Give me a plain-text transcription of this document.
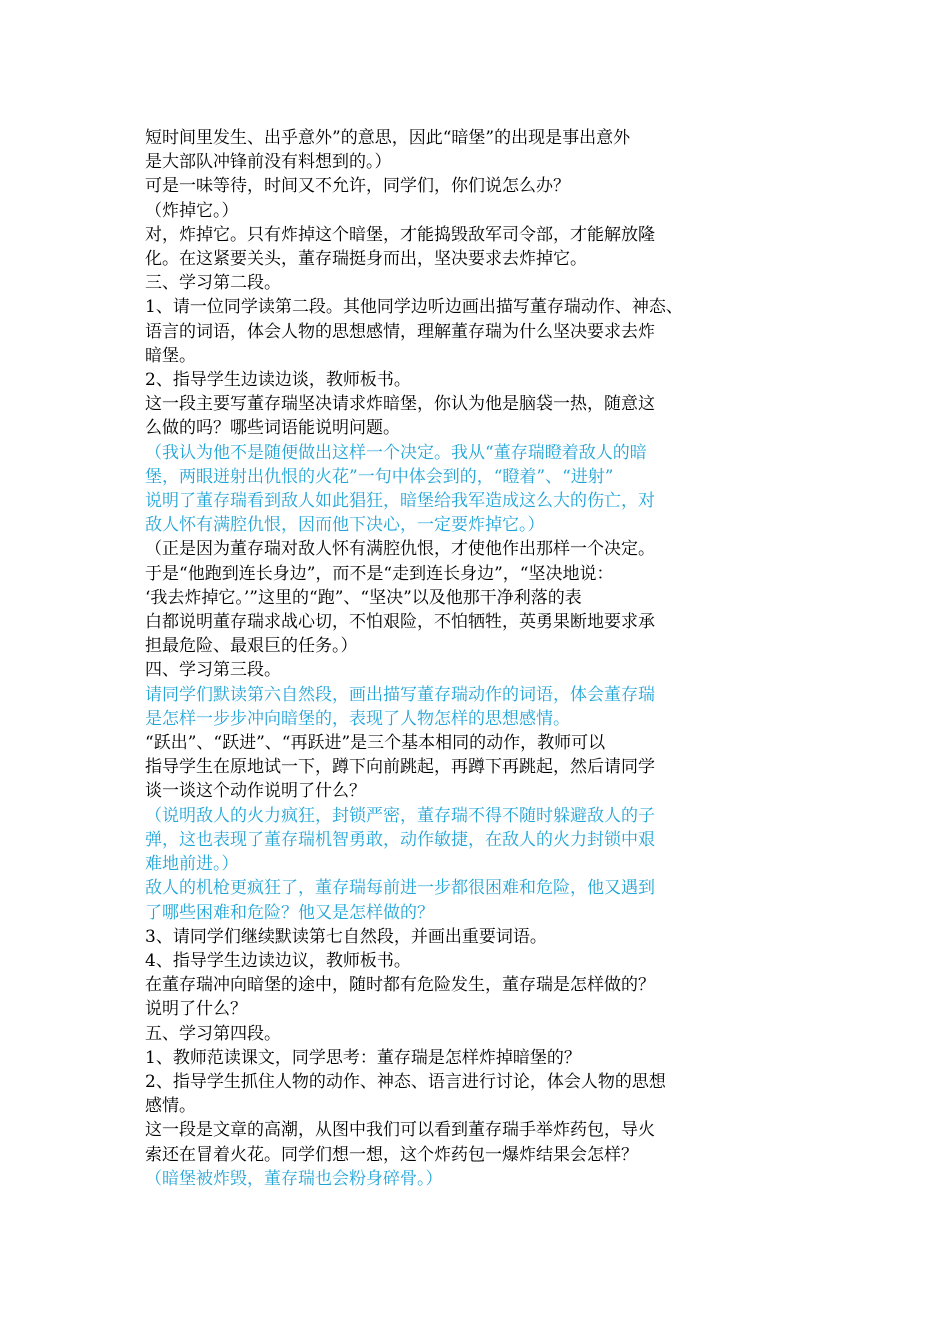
短时间里发生、出乎意外”的意思，因此“暗堡”的出现是事出意外

是大部队冲锋前没有料想到的。）

可是一味等待，时间又不允许，同学们，你们说怎么办？

（炸掉它。）

对，炸掉它。只有炸掉这个暗堡，才能捣毁敌军司令部，才能解放隆

化。在这紧要关头，董存瑞挺身而出，坚决要求去炸掉它。

三、学习第二段。

1、请一位同学读第二段。其他同学边听边画出描写董存瑞动作、神态、

语言的词语，体会人物的思想感情，理解董存瑞为什么坚决要求去炸

暗堡。

2、指导学生边读边谈，教师板书。

这一段主要写董存瑞坚决请求炸暗堡，你认为他是脑袋一热，随意这

么做的吗？哪些词语能说明问题。

（我认为他不是随便做出这样一个决定。我从“董存瑞瞪着敌人的暗

堡，两眼迸射出仇恨的火花”一句中体会到的，“瞪着”、“进射”

说明了董存瑞看到敌人如此猖狂，暗堡给我军造成这么大的伤亡，对

敌人怀有满腔仇恨，因而他下决心，一定要炸掉它。）

（正是因为董存瑞对敌人怀有满腔仇恨，才使他作出那样一个决定。

于是“他跑到连长身边”，而不是“走到连长身边”，“坚决地说：

‘我去炸掉它。’”这里的“跑”、“坚决”以及他那干净利落的表

白都说明董存瑞求战心切，不怕艰险，不怕牺牲，英勇果断地要求承

担最危险、最艰巨的任务。）

四、学习第三段。

请同学们默读第六自然段，画出描写董存瑞动作的词语，体会董存瑞

是怎样一步步冲向暗堡的，表现了人物怎样的思想感情。

“跃出”、“跃进”、“再跃进”是三个基本相同的动作，教师可以

指导学生在原地试一下，蹲下向前跳起，再蹲下再跳起，然后请同学

谈一谈这个动作说明了什么？

（说明敌人的火力疯狂，封锁严密，董存瑞不得不随时躲避敌人的子

弹，这也表现了董存瑞机智勇敢，动作敏捷，在敌人的火力封锁中艰

难地前进。）

敌人的机枪更疯狂了，董存瑞每前进一步都很困难和危险，他又遇到

了哪些困难和危险？他又是怎样做的？

3、请同学们继续默读第七自然段，并画出重要词语。

4、指导学生边读边议，教师板书。

在董存瑞冲向暗堡的途中，随时都有危险发生，董存瑞是怎样做的？

说明了什么？

五、学习第四段。

1、教师范读课文，同学思考：董存瑞是怎样炸掉暗堡的？

2、指导学生抓住人物的动作、神态、语言进行讨论，体会人物的思想

感情。

这一段是文章的高潮，从图中我们可以看到董存瑞手举炸药包，导火

索还在冒着火花。同学们想一想，这个炸药包一爆炸结果会怎样？

（暗堡被炸毁，董存瑞也会粉身碎骨。）
